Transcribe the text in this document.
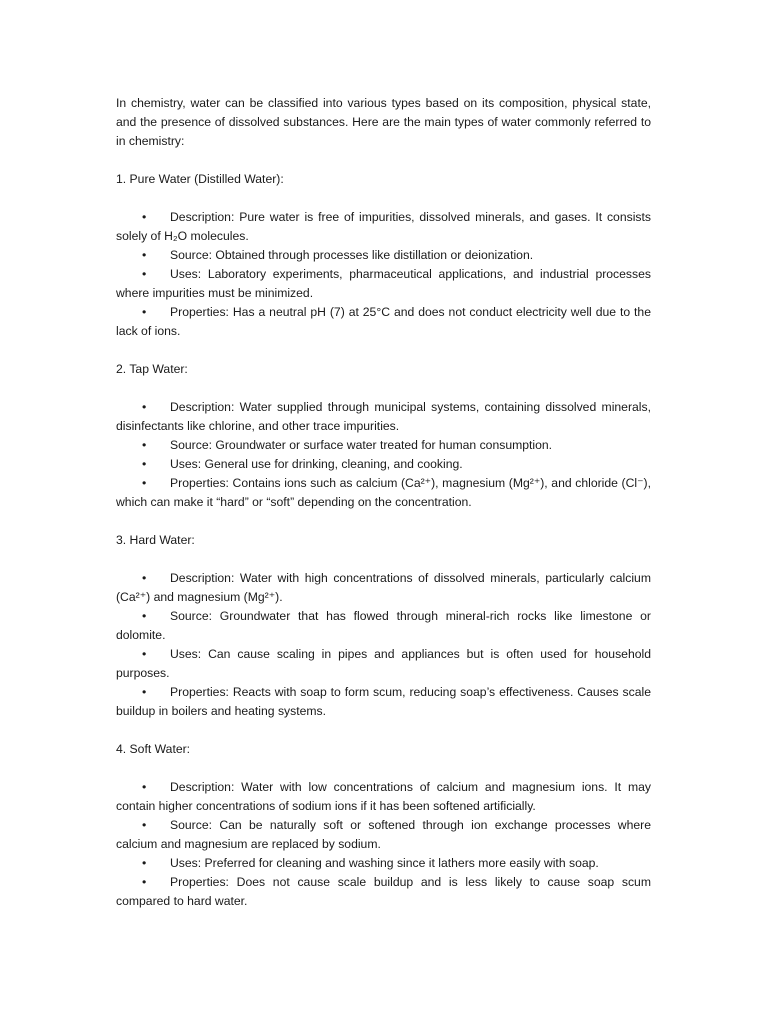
In chemistry, water can be classified into various types based on its composition, physical state, and the presence of dissolved substances. Here are the main types of water commonly referred to in chemistry:

1. Pure Water (Distilled Water):

• Description: Pure water is free of impurities, dissolved minerals, and gases. It consists solely of H₂O molecules.

• Source: Obtained through processes like distillation or deionization.

• Uses: Laboratory experiments, pharmaceutical applications, and industrial processes where impurities must be minimized.

• Properties: Has a neutral pH (7) at 25°C and does not conduct electricity well due to the lack of ions.

2. Tap Water:

• Description: Water supplied through municipal systems, containing dissolved minerals, disinfectants like chlorine, and other trace impurities.

• Source: Groundwater or surface water treated for human consumption.

• Uses: General use for drinking, cleaning, and cooking.

• Properties: Contains ions such as calcium (Ca²⁺), magnesium (Mg²⁺), and chloride (Cl⁻), which can make it “hard” or “soft” depending on the concentration.

3. Hard Water:

• Description: Water with high concentrations of dissolved minerals, particularly calcium (Ca²⁺) and magnesium (Mg²⁺).

• Source: Groundwater that has flowed through mineral-rich rocks like limestone or dolomite.

• Uses: Can cause scaling in pipes and appliances but is often used for household purposes.

• Properties: Reacts with soap to form scum, reducing soap’s effectiveness. Causes scale buildup in boilers and heating systems.

4. Soft Water:

• Description: Water with low concentrations of calcium and magnesium ions. It may contain higher concentrations of sodium ions if it has been softened artificially.

• Source: Can be naturally soft or softened through ion exchange processes where calcium and magnesium are replaced by sodium.

• Uses: Preferred for cleaning and washing since it lathers more easily with soap.

• Properties: Does not cause scale buildup and is less likely to cause soap scum compared to hard water.
